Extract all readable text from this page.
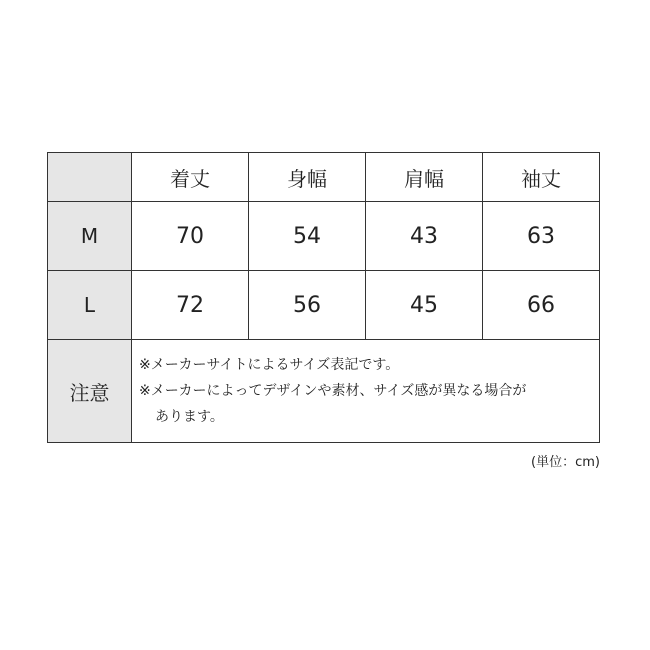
	着丈	身幅	肩幅	袖丈
M	70	54	43	63
L	72	56	45	66
注意	※メーカーサイトによるサイズ表記です。
※メーカーによってデザインや素材、サイズ感が異なる場合が
あります。			
(単位：cm)
